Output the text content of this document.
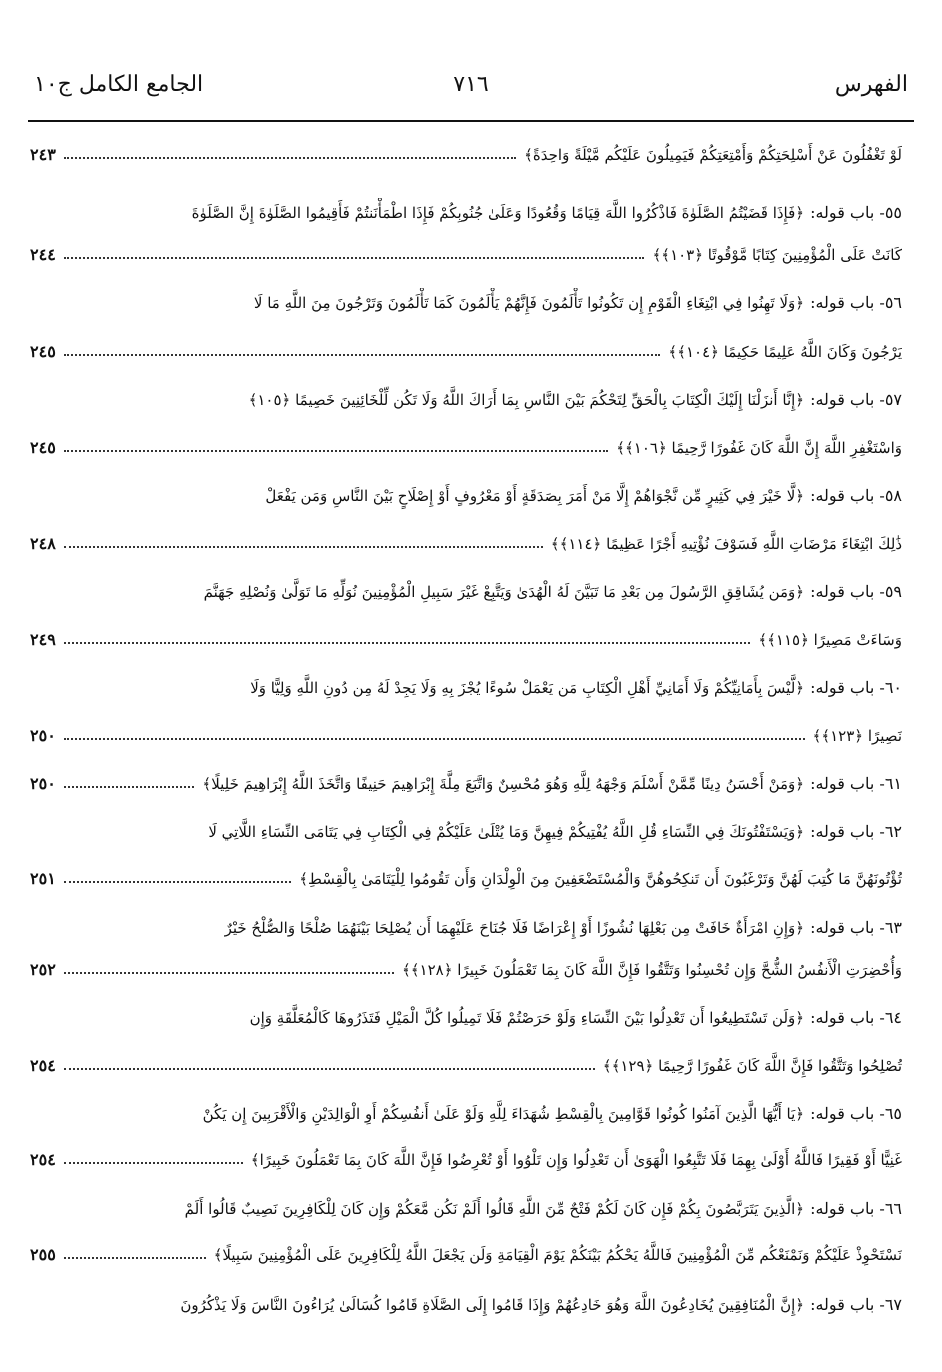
الفهرس
٧١٦
الجامع الكامل ج١٠
لَوْ تَغْفُلُونَ عَنْ أَسْلِحَتِكُمْ وَأَمْتِعَتِكُمْ فَيَمِيلُونَ عَلَيْكُم مَّيْلَةً وَاحِدَةً﴾
٢٤٣
٥٥- باب قوله:
﴿فَإِذَا قَضَيْتُمُ الصَّلَوٰةَ فَاذْكُرُوا اللَّهَ قِيَامًا وَقُعُودًا وَعَلَىٰ جُنُوبِكُمْ فَإِذَا اطْمَأْنَنتُمْ فَأَقِيمُوا الصَّلَوٰةَ إِنَّ الصَّلَوٰةَ
كَانَتْ عَلَى الْمُؤْمِنِينَ كِتَابًا مَّوْقُوتًا ﴿١٠٣﴾﴾
٢٤٤
٥٦- باب قوله:
﴿وَلَا تَهِنُوا فِي ابْتِغَاءِ الْقَوْمِ إِن تَكُونُوا تَأْلَمُونَ فَإِنَّهُمْ يَأْلَمُونَ كَمَا تَأْلَمُونَ وَتَرْجُونَ مِنَ اللَّهِ مَا لَا
يَرْجُونَ وَكَانَ اللَّهُ عَلِيمًا حَكِيمًا ﴿١٠٤﴾﴾
٢٤٥
٥٧- باب قوله:
﴿إِنَّا أَنزَلْنَا إِلَيْكَ الْكِتَابَ بِالْحَقِّ لِتَحْكُمَ بَيْنَ النَّاسِ بِمَا أَرَاكَ اللَّهُ وَلَا تَكُن لِّلْخَائِنِينَ خَصِيمًا ﴿١٠٥﴾
وَاسْتَغْفِرِ اللَّهَ إِنَّ اللَّهَ كَانَ غَفُورًا رَّحِيمًا ﴿١٠٦﴾﴾
٢٤٥
٥٨- باب قوله:
﴿لَّا خَيْرَ فِي كَثِيرٍ مِّن نَّجْوَاهُمْ إِلَّا مَنْ أَمَرَ بِصَدَقَةٍ أَوْ مَعْرُوفٍ أَوْ إِصْلَاحٍ بَيْنَ النَّاسِ وَمَن يَفْعَلْ
ذَٰلِكَ ابْتِغَاءَ مَرْضَاتِ اللَّهِ فَسَوْفَ نُؤْتِيهِ أَجْرًا عَظِيمًا ﴿١١٤﴾﴾
٢٤٨
٥٩- باب قوله:
﴿وَمَن يُشَاقِقِ الرَّسُولَ مِن بَعْدِ مَا تَبَيَّنَ لَهُ الْهُدَىٰ وَيَتَّبِعْ غَيْرَ سَبِيلِ الْمُؤْمِنِينَ نُوَلِّهِ مَا تَوَلَّىٰ وَنُصْلِهِ جَهَنَّمَ
وَسَاءَتْ مَصِيرًا ﴿١١٥﴾﴾
٢٤٩
٦٠- باب قوله:
﴿لَّيْسَ بِأَمَانِيِّكُمْ وَلَا أَمَانِيِّ أَهْلِ الْكِتَابِ مَن يَعْمَلْ سُوءًا يُجْزَ بِهِ وَلَا يَجِدْ لَهُ مِن دُونِ اللَّهِ وَلِيًّا وَلَا
نَصِيرًا ﴿١٢٣﴾﴾
٢٥٠
٦١- باب قوله:
﴿وَمَنْ أَحْسَنُ دِينًا مِّمَّنْ أَسْلَمَ وَجْهَهُ لِلَّهِ وَهُوَ مُحْسِنٌ وَاتَّبَعَ مِلَّةَ إِبْرَاهِيمَ حَنِيفًا وَاتَّخَذَ اللَّهُ إِبْرَاهِيمَ خَلِيلًا﴾
٢٥٠
٦٢- باب قوله:
﴿وَيَسْتَفْتُونَكَ فِي النِّسَاءِ قُلِ اللَّهُ يُفْتِيكُمْ فِيهِنَّ وَمَا يُتْلَىٰ عَلَيْكُمْ فِي الْكِتَابِ فِي يَتَامَى النِّسَاءِ اللَّاتِي لَا
تُؤْتُونَهُنَّ مَا كُتِبَ لَهُنَّ وَتَرْغَبُونَ أَن تَنكِحُوهُنَّ وَالْمُسْتَضْعَفِينَ مِنَ الْوِلْدَانِ وَأَن تَقُومُوا لِلْيَتَامَىٰ بِالْقِسْطِ﴾
٢٥١
٦٣- باب قوله:
﴿وَإِنِ امْرَأَةٌ خَافَتْ مِن بَعْلِهَا نُشُوزًا أَوْ إِعْرَاضًا فَلَا جُنَاحَ عَلَيْهِمَا أَن يُصْلِحَا بَيْنَهُمَا صُلْحًا وَالصُّلْحُ خَيْرٌ
وَأُحْضِرَتِ الْأَنفُسُ الشُّحَّ وَإِن تُحْسِنُوا وَتَتَّقُوا فَإِنَّ اللَّهَ كَانَ بِمَا تَعْمَلُونَ خَبِيرًا ﴿١٢٨﴾﴾
٢٥٢
٦٤- باب قوله:
﴿وَلَن تَسْتَطِيعُوا أَن تَعْدِلُوا بَيْنَ النِّسَاءِ وَلَوْ حَرَصْتُمْ فَلَا تَمِيلُوا كُلَّ الْمَيْلِ فَتَذَرُوهَا كَالْمُعَلَّقَةِ وَإِن
تُصْلِحُوا وَتَتَّقُوا فَإِنَّ اللَّهَ كَانَ غَفُورًا رَّحِيمًا ﴿١٢٩﴾﴾
٢٥٤
٦٥- باب قوله:
﴿يَا أَيُّهَا الَّذِينَ آمَنُوا كُونُوا قَوَّامِينَ بِالْقِسْطِ شُهَدَاءَ لِلَّهِ وَلَوْ عَلَىٰ أَنفُسِكُمْ أَوِ الْوَالِدَيْنِ وَالْأَقْرَبِينَ إِن يَكُنْ
غَنِيًّا أَوْ فَقِيرًا فَاللَّهُ أَوْلَىٰ بِهِمَا فَلَا تَتَّبِعُوا الْهَوَىٰ أَن تَعْدِلُوا وَإِن تَلْوُوا أَوْ تُعْرِضُوا فَإِنَّ اللَّهَ كَانَ بِمَا تَعْمَلُونَ خَبِيرًا﴾
٢٥٤
٦٦- باب قوله:
﴿الَّذِينَ يَتَرَبَّصُونَ بِكُمْ فَإِن كَانَ لَكُمْ فَتْحٌ مِّنَ اللَّهِ قَالُوا أَلَمْ نَكُن مَّعَكُمْ وَإِن كَانَ لِلْكَافِرِينَ نَصِيبٌ قَالُوا أَلَمْ
نَسْتَحْوِذْ عَلَيْكُمْ وَنَمْنَعْكُم مِّنَ الْمُؤْمِنِينَ فَاللَّهُ يَحْكُمُ بَيْنَكُمْ يَوْمَ الْقِيَامَةِ وَلَن يَجْعَلَ اللَّهُ لِلْكَافِرِينَ عَلَى الْمُؤْمِنِينَ سَبِيلًا﴾
٢٥٥
٦٧- باب قوله:
﴿إِنَّ الْمُنَافِقِينَ يُخَادِعُونَ اللَّهَ وَهُوَ خَادِعُهُمْ وَإِذَا قَامُوا إِلَى الصَّلَاةِ قَامُوا كُسَالَىٰ يُرَاءُونَ النَّاسَ وَلَا يَذْكُرُونَ
